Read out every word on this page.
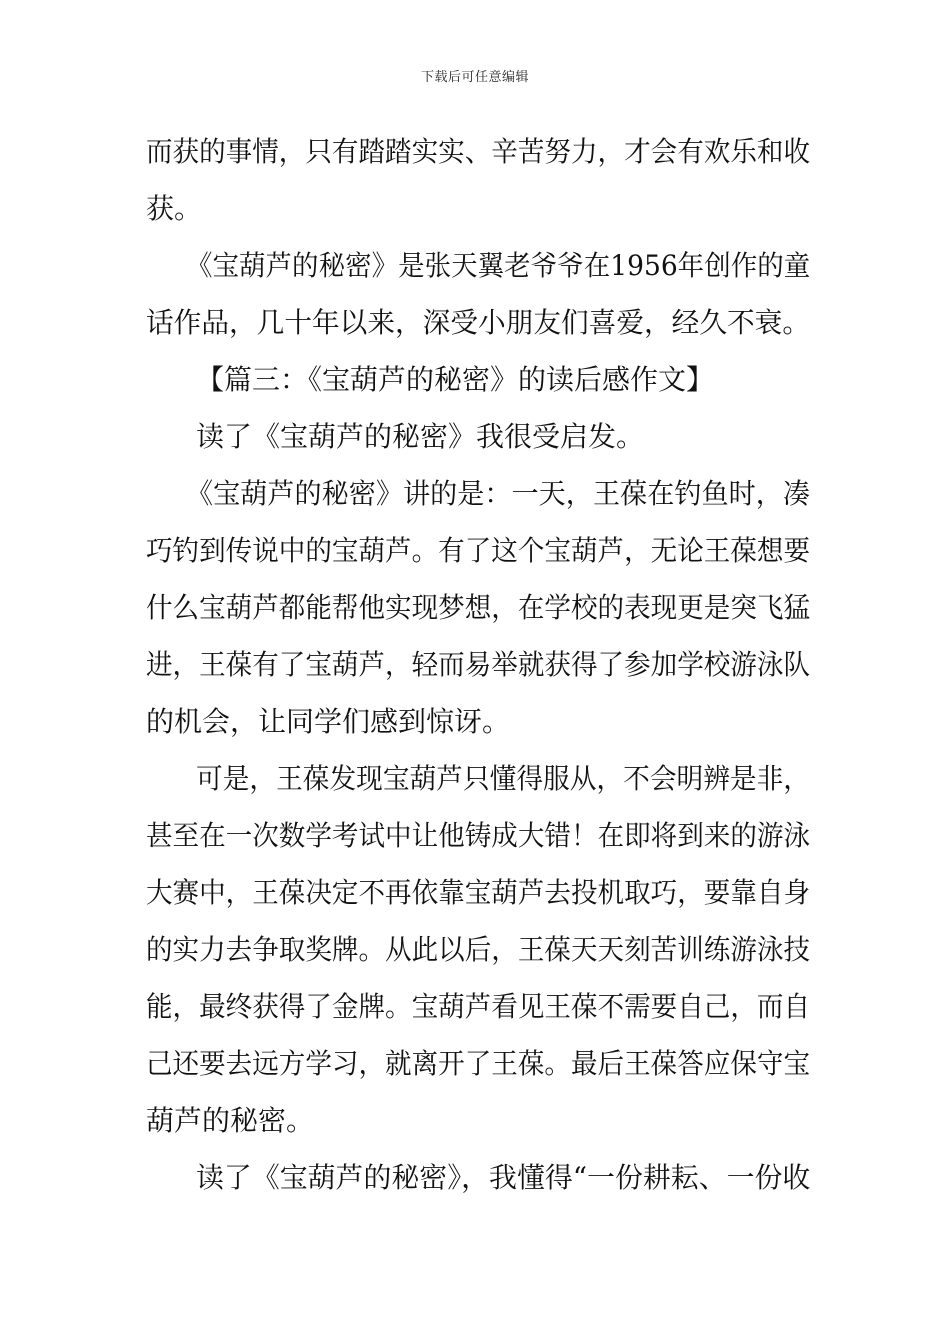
下载后可任意编辑
而获的事情，只有踏踏实实、辛苦努力，才会有欢乐和收
获。
《宝葫芦的秘密》是张天翼老爷爷在1956年创作的童
话作品，几十年以来，深受小朋友们喜爱，经久不衰。
【篇三：《宝葫芦的秘密》的读后感作文】
读了《宝葫芦的秘密》我很受启发。
《宝葫芦的秘密》讲的是：一天，王葆在钓鱼时，凑
巧钓到传说中的宝葫芦。有了这个宝葫芦，无论王葆想要
什么宝葫芦都能帮他实现梦想，在学校的表现更是突飞猛
进，王葆有了宝葫芦，轻而易举就获得了参加学校游泳队
的机会，让同学们感到惊讶。
可是，王葆发现宝葫芦只懂得服从，不会明辨是非，
甚至在一次数学考试中让他铸成大错！在即将到来的游泳
大赛中，王葆决定不再依靠宝葫芦去投机取巧，要靠自身
的实力去争取奖牌。从此以后，王葆天天刻苦训练游泳技
能，最终获得了金牌。宝葫芦看见王葆不需要自己，而自
己还要去远方学习，就离开了王葆。最后王葆答应保守宝
葫芦的秘密。
读了《宝葫芦的秘密》，我懂得“一份耕耘、一份收
